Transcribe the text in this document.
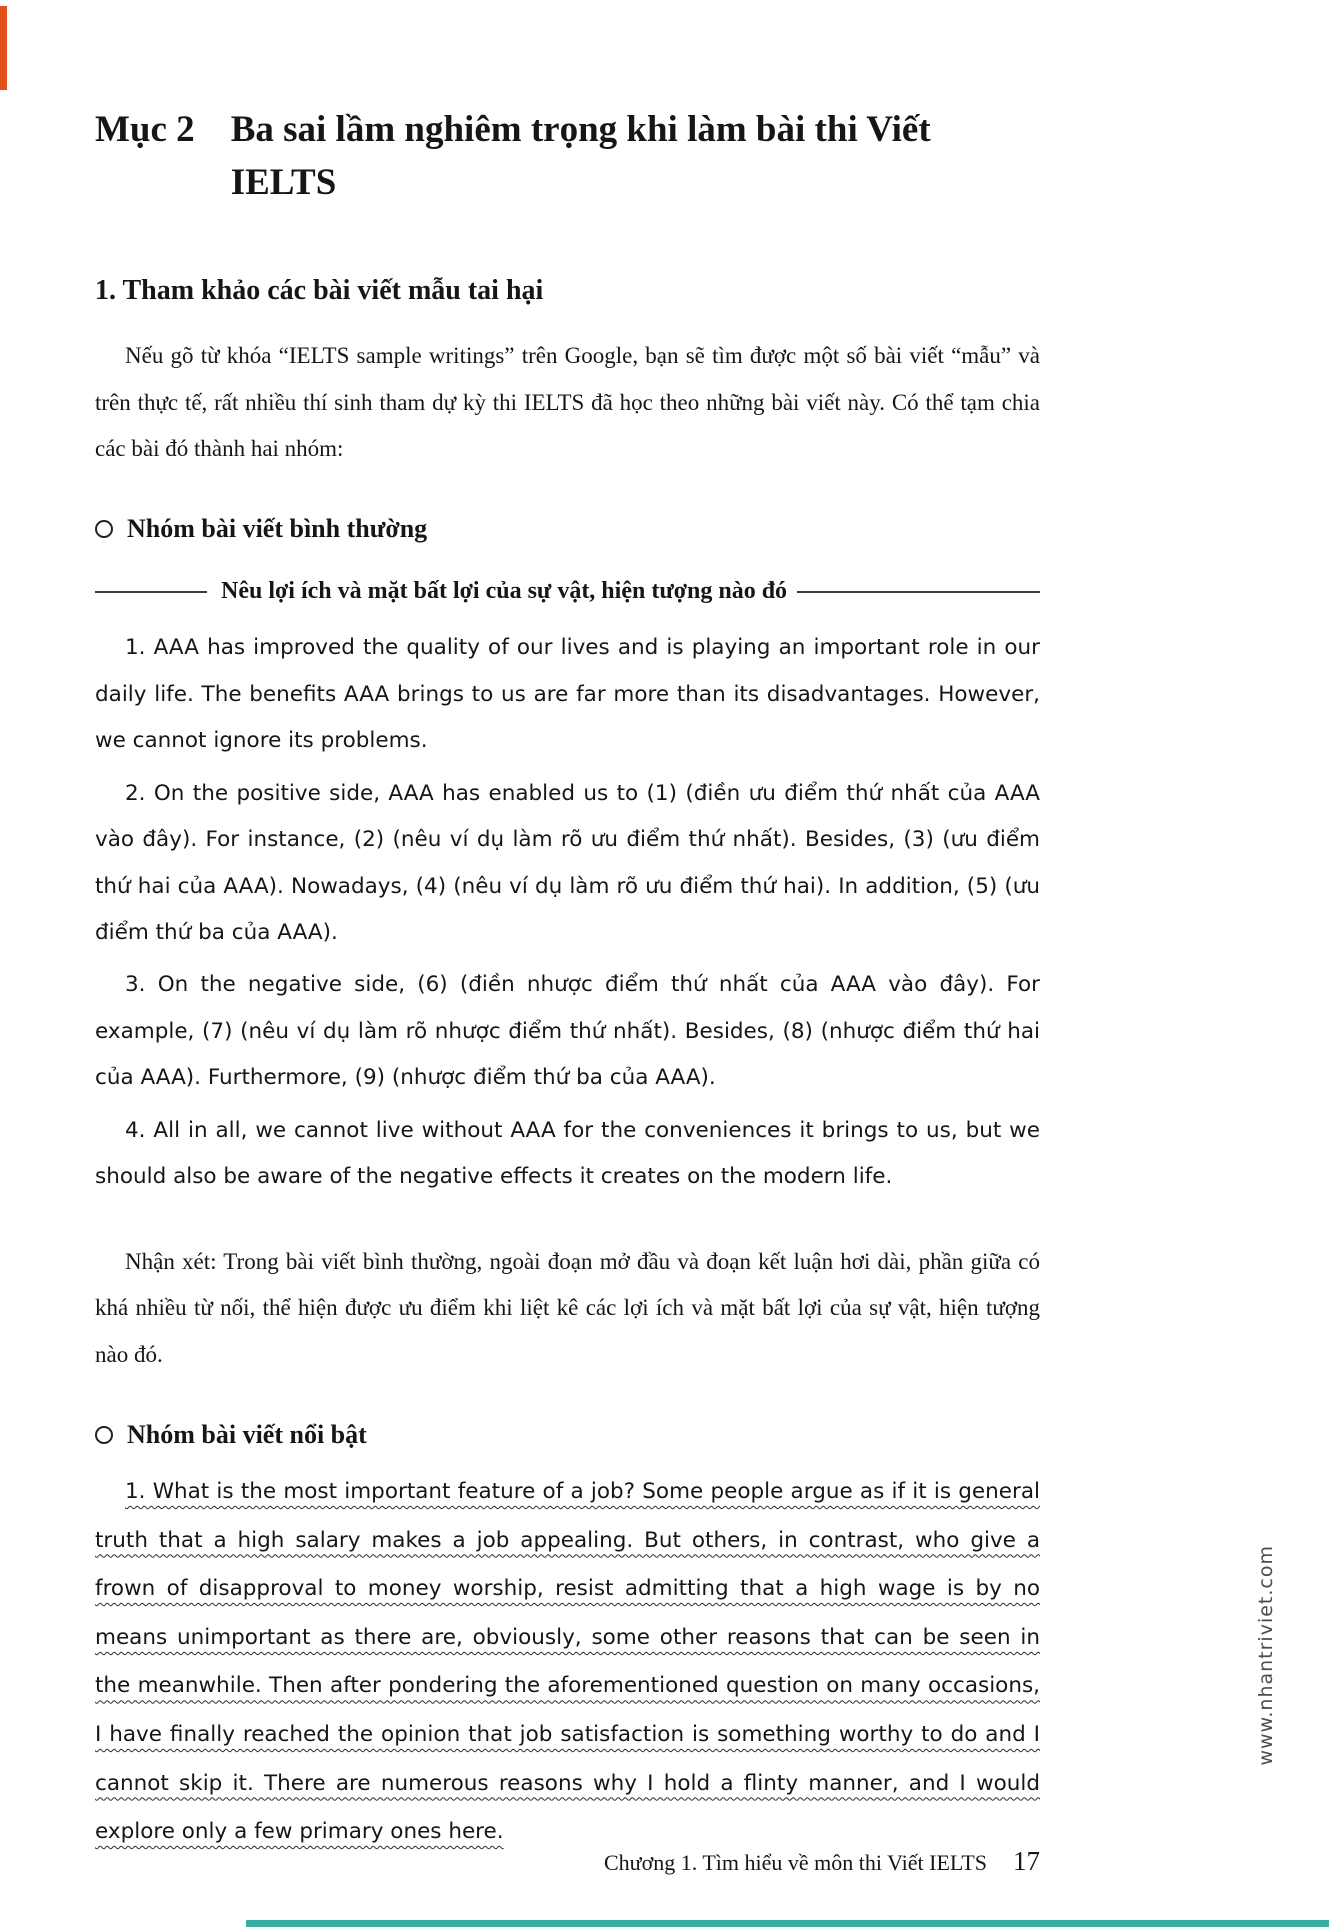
Mục 2 Ba sai lầm nghiêm trọng khi làm bài thi Viết IELTS
1. Tham khảo các bài viết mẫu tai hại

Nếu gõ từ khóa “IELTS sample writings” trên Google, bạn sẽ tìm được một số bài viết “mẫu” và trên thực tế, rất nhiều thí sinh tham dự kỳ thi IELTS đã học theo những bài viết này. Có thể tạm chia các bài đó thành hai nhóm:

Nhóm bài viết bình thường
Nêu lợi ích và mặt bất lợi của sự vật, hiện tượng nào đó

1. AAA has improved the quality of our lives and is playing an important role in our daily life. The benefits AAA brings to us are far more than its disadvantages. However, we cannot ignore its problems.

2. On the positive side, AAA has enabled us to (1) (điền ưu điểm thứ nhất của AAA vào đây). For instance, (2) (nêu ví dụ làm rõ ưu điểm thứ nhất). Besides, (3) (ưu điểm thứ hai của AAA). Nowadays, (4) (nêu ví dụ làm rõ ưu điểm thứ hai). In addition, (5) (ưu điểm thứ ba của AAA).

3. On the negative side, (6) (điền nhược điểm thứ nhất của AAA vào đây). For example, (7) (nêu ví dụ làm rõ nhược điểm thứ nhất). Besides, (8) (nhược điểm thứ hai của AAA). Furthermore, (9) (nhược điểm thứ ba của AAA).

4. All in all, we cannot live without AAA for the conveniences it brings to us, but we should also be aware of the negative effects it creates on the modern life.

Nhận xét: Trong bài viết bình thường, ngoài đoạn mở đầu và đoạn kết luận hơi dài, phần giữa có khá nhiều từ nối, thể hiện được ưu điểm khi liệt kê các lợi ích và mặt bất lợi của sự vật, hiện tượng nào đó.

Nhóm bài viết nổi bật

1. What is the most important feature of a job? Some people argue as if it is general truth that a high salary makes a job appealing. But others, in contrast, who give a frown of disapproval to money worship, resist admitting that a high wage is by no means unimportant as there are, obviously, some other reasons that can be seen in the meanwhile. Then after pondering the aforementioned question on many occasions, I have finally reached the opinion that job satisfaction is something worthy to do and I cannot skip it. There are numerous reasons why I hold a flinty manner, and I would explore only a few primary ones here.

www.nhantriviet.com
Chương 1. Tìm hiểu về môn thi Viết IELTS 17
